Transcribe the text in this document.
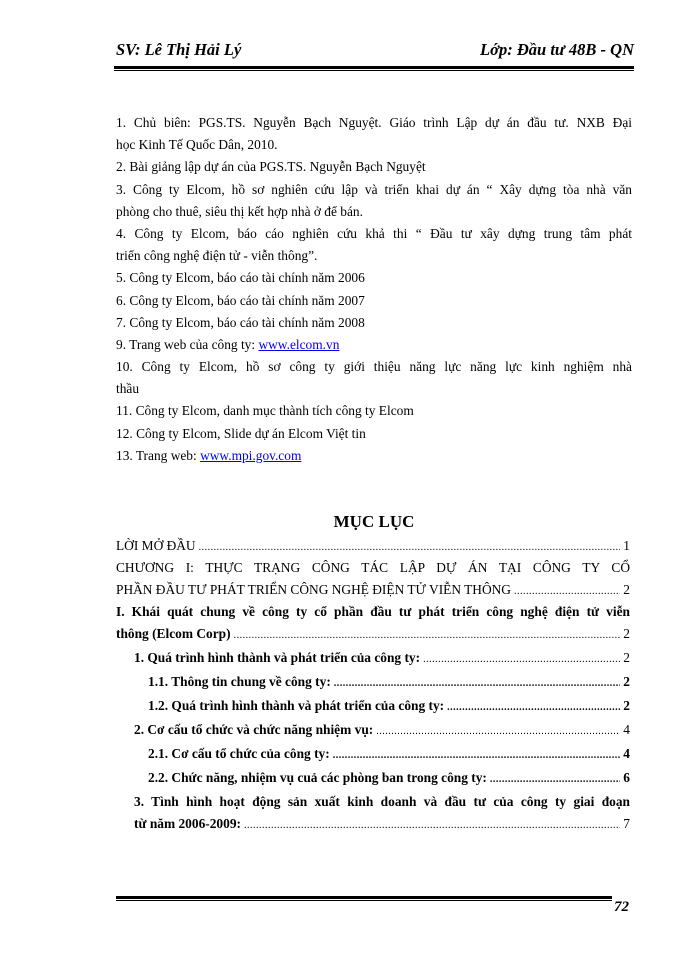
SV: Lê Thị Hải Lý	Lớp: Đầu tư 48B - QN
1. Chủ biên: PGS.TS. Nguyễn Bạch Nguyệt. Giáo trình Lập dự án đầu tư. NXB Đại
học Kinh Tế Quốc Dân, 2010.
2. Bài giảng lập dự án của PGS.TS. Nguyễn Bạch Nguyệt
3. Công ty Elcom, hồ sơ nghiên cứu lập và triển khai dự án “ Xây dựng tòa nhà văn
phòng cho thuê, siêu thị kết hợp nhà ở để bán.
4. Công ty Elcom, báo cáo nghiên cứu khả thi “ Đầu tư xây dựng trung tâm phát
triển công nghệ điện tử - viễn thông”.
5. Công ty Elcom, báo cáo tài chính năm 2006
6. Công ty Elcom, báo cáo tài chính năm 2007
7. Công ty Elcom, báo cáo tài chính năm 2008
9. Trang web của công ty: www.elcom.vn
10. Công ty Elcom, hồ sơ công ty giới thiệu năng lực năng lực kinh nghiệm nhà
thầu
11. Công ty Elcom, danh mục thành tích công ty Elcom
12. Công ty Elcom, Slide dự án Elcom Việt tin
13. Trang web: www.mpi.gov.com
MỤC LỤC
LỜI MỞ ĐẦU .....	1
CHƯƠNG I: THỰC TRẠNG CÔNG TÁC LẬP DỰ ÁN TẠI CÔNG TY CỔ
PHẦN ĐẦU TƯ PHÁT TRIỂN CÔNG NGHỆ ĐIỆN TỬ VIỄN THÔNG .....	2
I. Khái quát chung về công ty cổ phần đầu tư phát triển công nghệ điện tử viễn
thông (Elcom Corp) .....	2
1. Quá trình hình thành và phát triển của công ty: .....	2
1.1. Thông tin chung về công ty: .....	2
1.2. Quá trình hình thành và phát triển của công ty: .....	2
2. Cơ cấu tổ chức và chức năng nhiệm vụ: .....	4
2.1. Cơ cấu tổ chức của công ty: .....	4
2.2. Chức năng, nhiệm vụ cuả các phòng ban trong công ty: .....	6
3. Tình hình hoạt động sản xuất kinh doanh và đầu tư của công ty giai đoạn
từ năm 2006-2009: .....	7
72
